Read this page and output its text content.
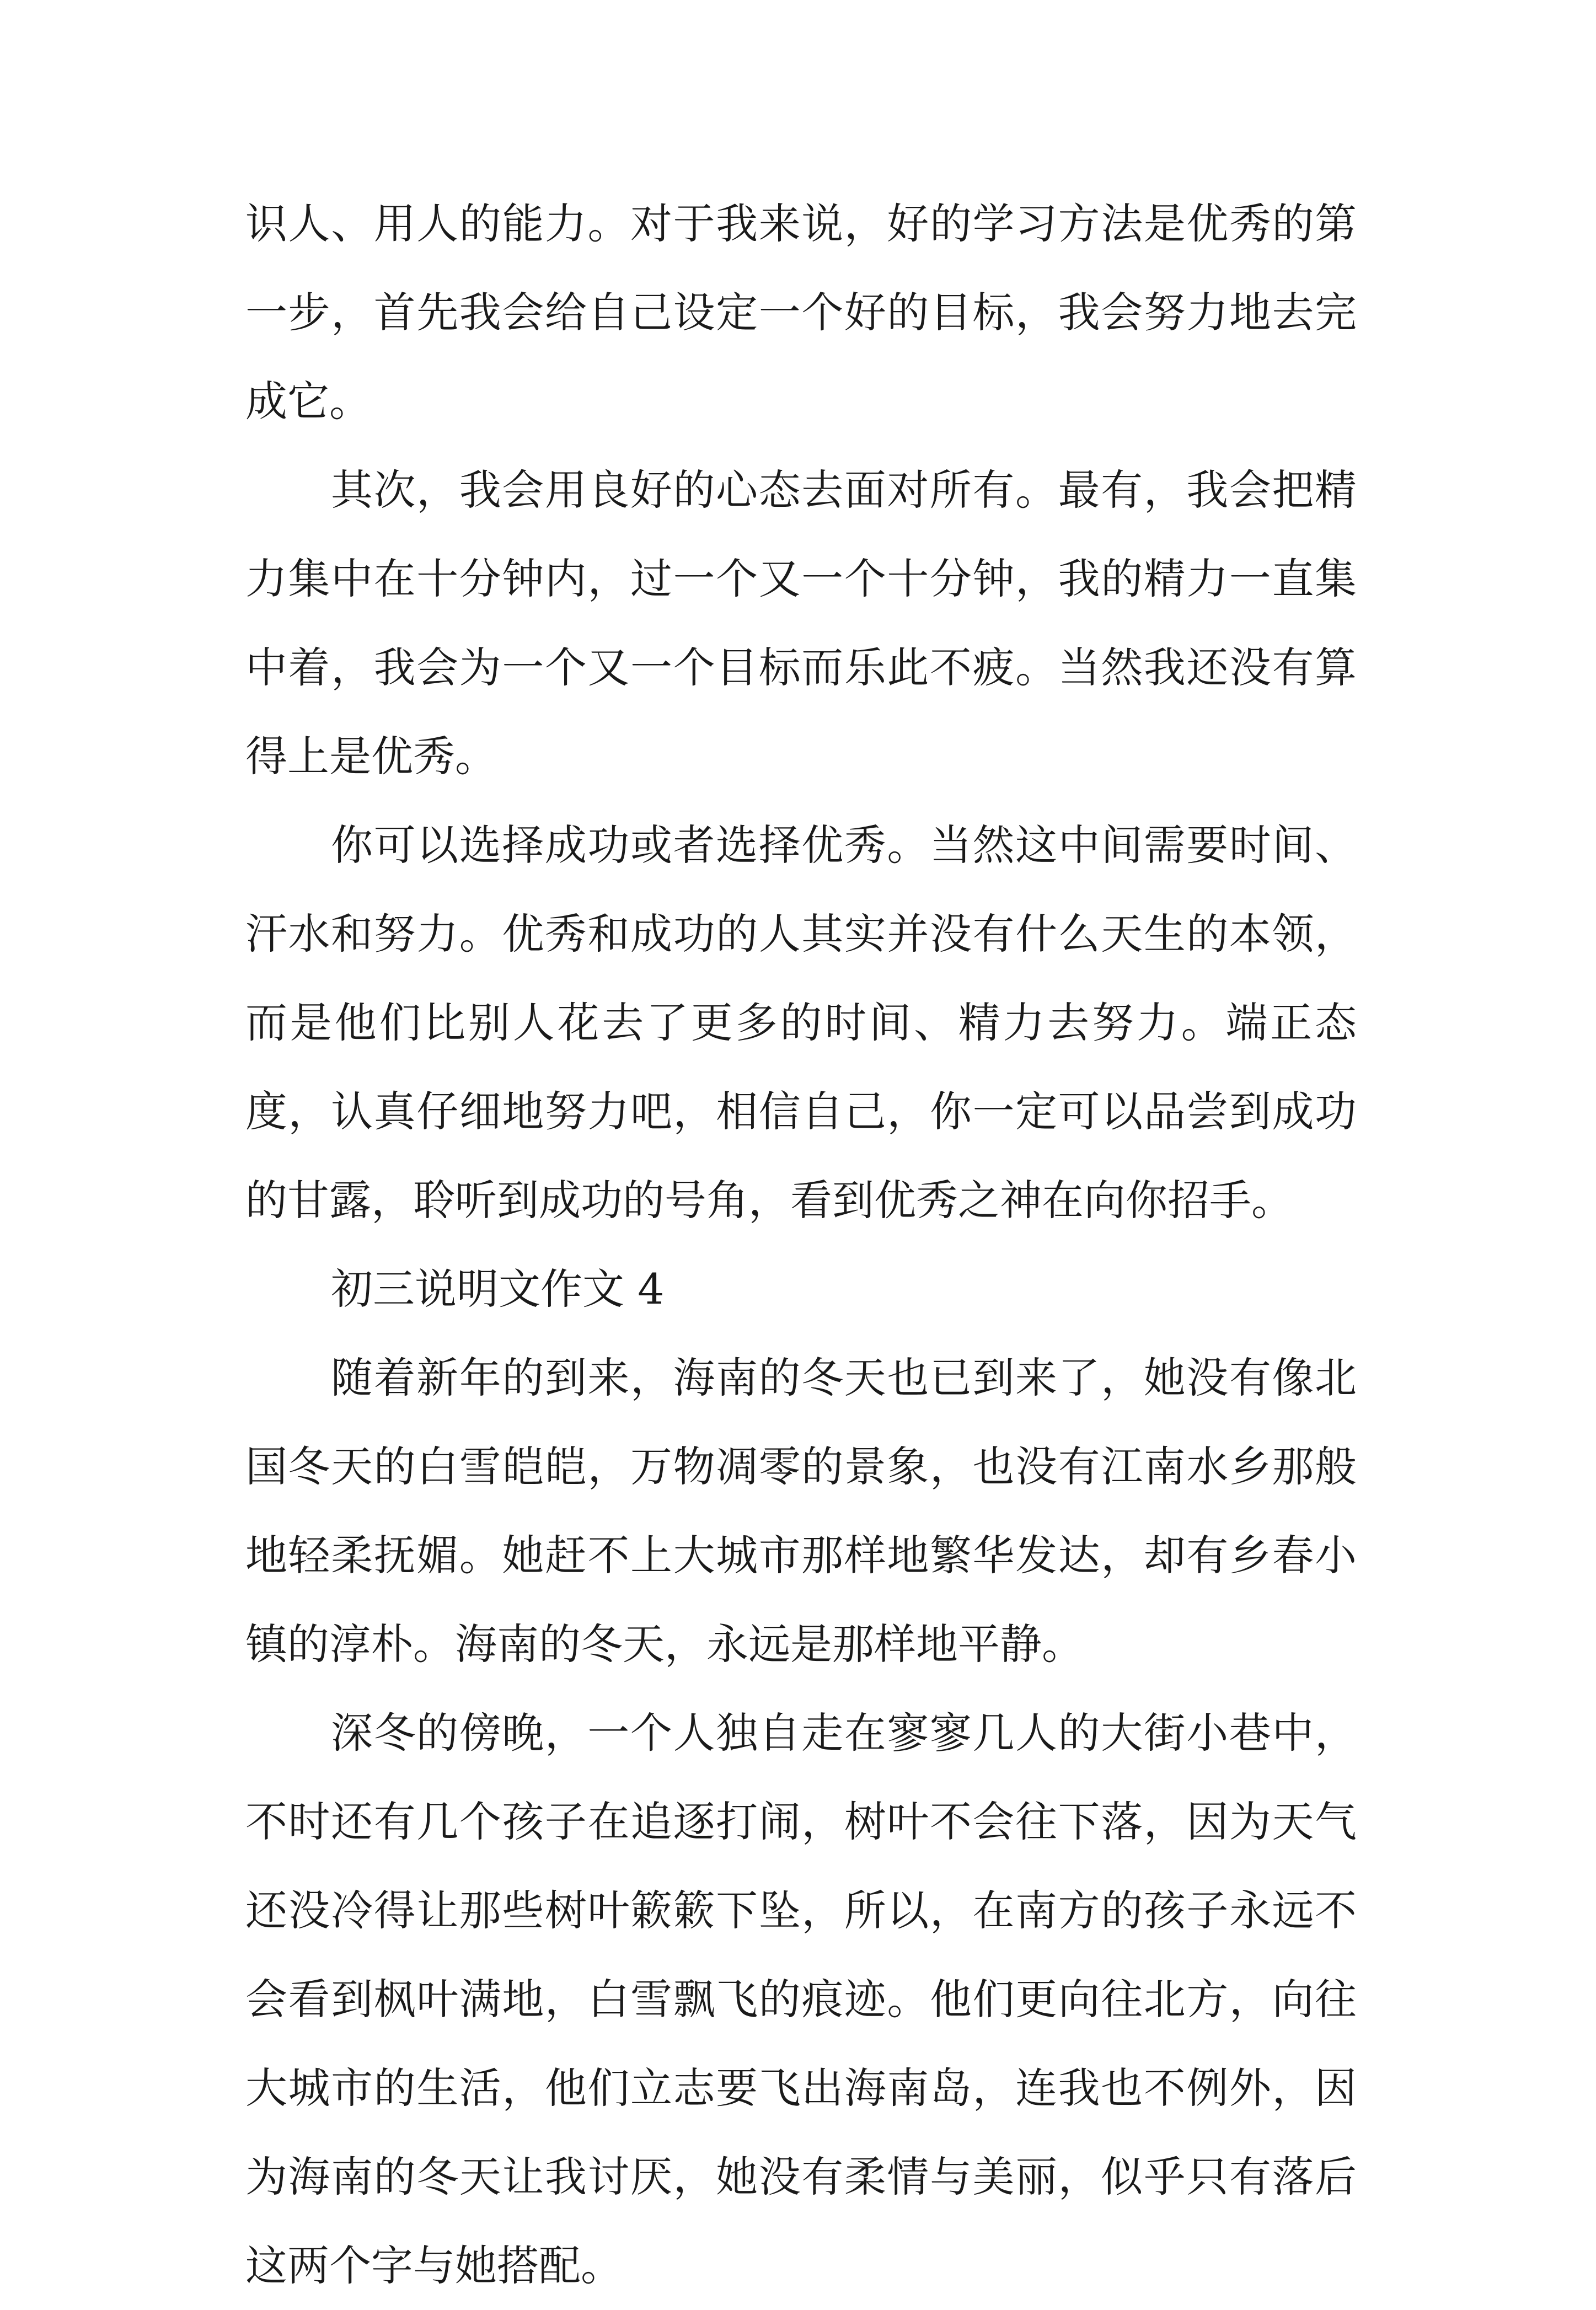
识人、用人的能力。对于我来说，好的学习方法是优秀的第一步，首先我会给自己设定一个好的目标，我会努力地去完成它。

其次，我会用良好的心态去面对所有。最有，我会把精力集中在十分钟内，过一个又一个十分钟，我的精力一直集中着，我会为一个又一个目标而乐此不疲。当然我还没有算得上是优秀。

你可以选择成功或者选择优秀。当然这中间需要时间、汗水和努力。优秀和成功的人其实并没有什么天生的本领，而是他们比别人花去了更多的时间、精力去努力。端正态度，认真仔细地努力吧，相信自己，你一定可以品尝到成功的甘露，聆听到成功的号角，看到优秀之神在向你招手。

初三说明文作文 4

随着新年的到来，海南的冬天也已到来了，她没有像北国冬天的白雪皑皑，万物凋零的景象，也没有江南水乡那般地轻柔抚媚。她赶不上大城市那样地繁华发达，却有乡春小镇的淳朴。海南的冬天，永远是那样地平静。

深冬的傍晚，一个人独自走在寥寥几人的大街小巷中，不时还有几个孩子在追逐打闹，树叶不会往下落，因为天气还没冷得让那些树叶簌簌下坠，所以，在南方的孩子永远不会看到枫叶满地，白雪飘飞的痕迹。他们更向往北方，向往大城市的生活，他们立志要飞出海南岛，连我也不例外，因为海南的冬天让我讨厌，她没有柔情与美丽，似乎只有落后这两个字与她搭配。
